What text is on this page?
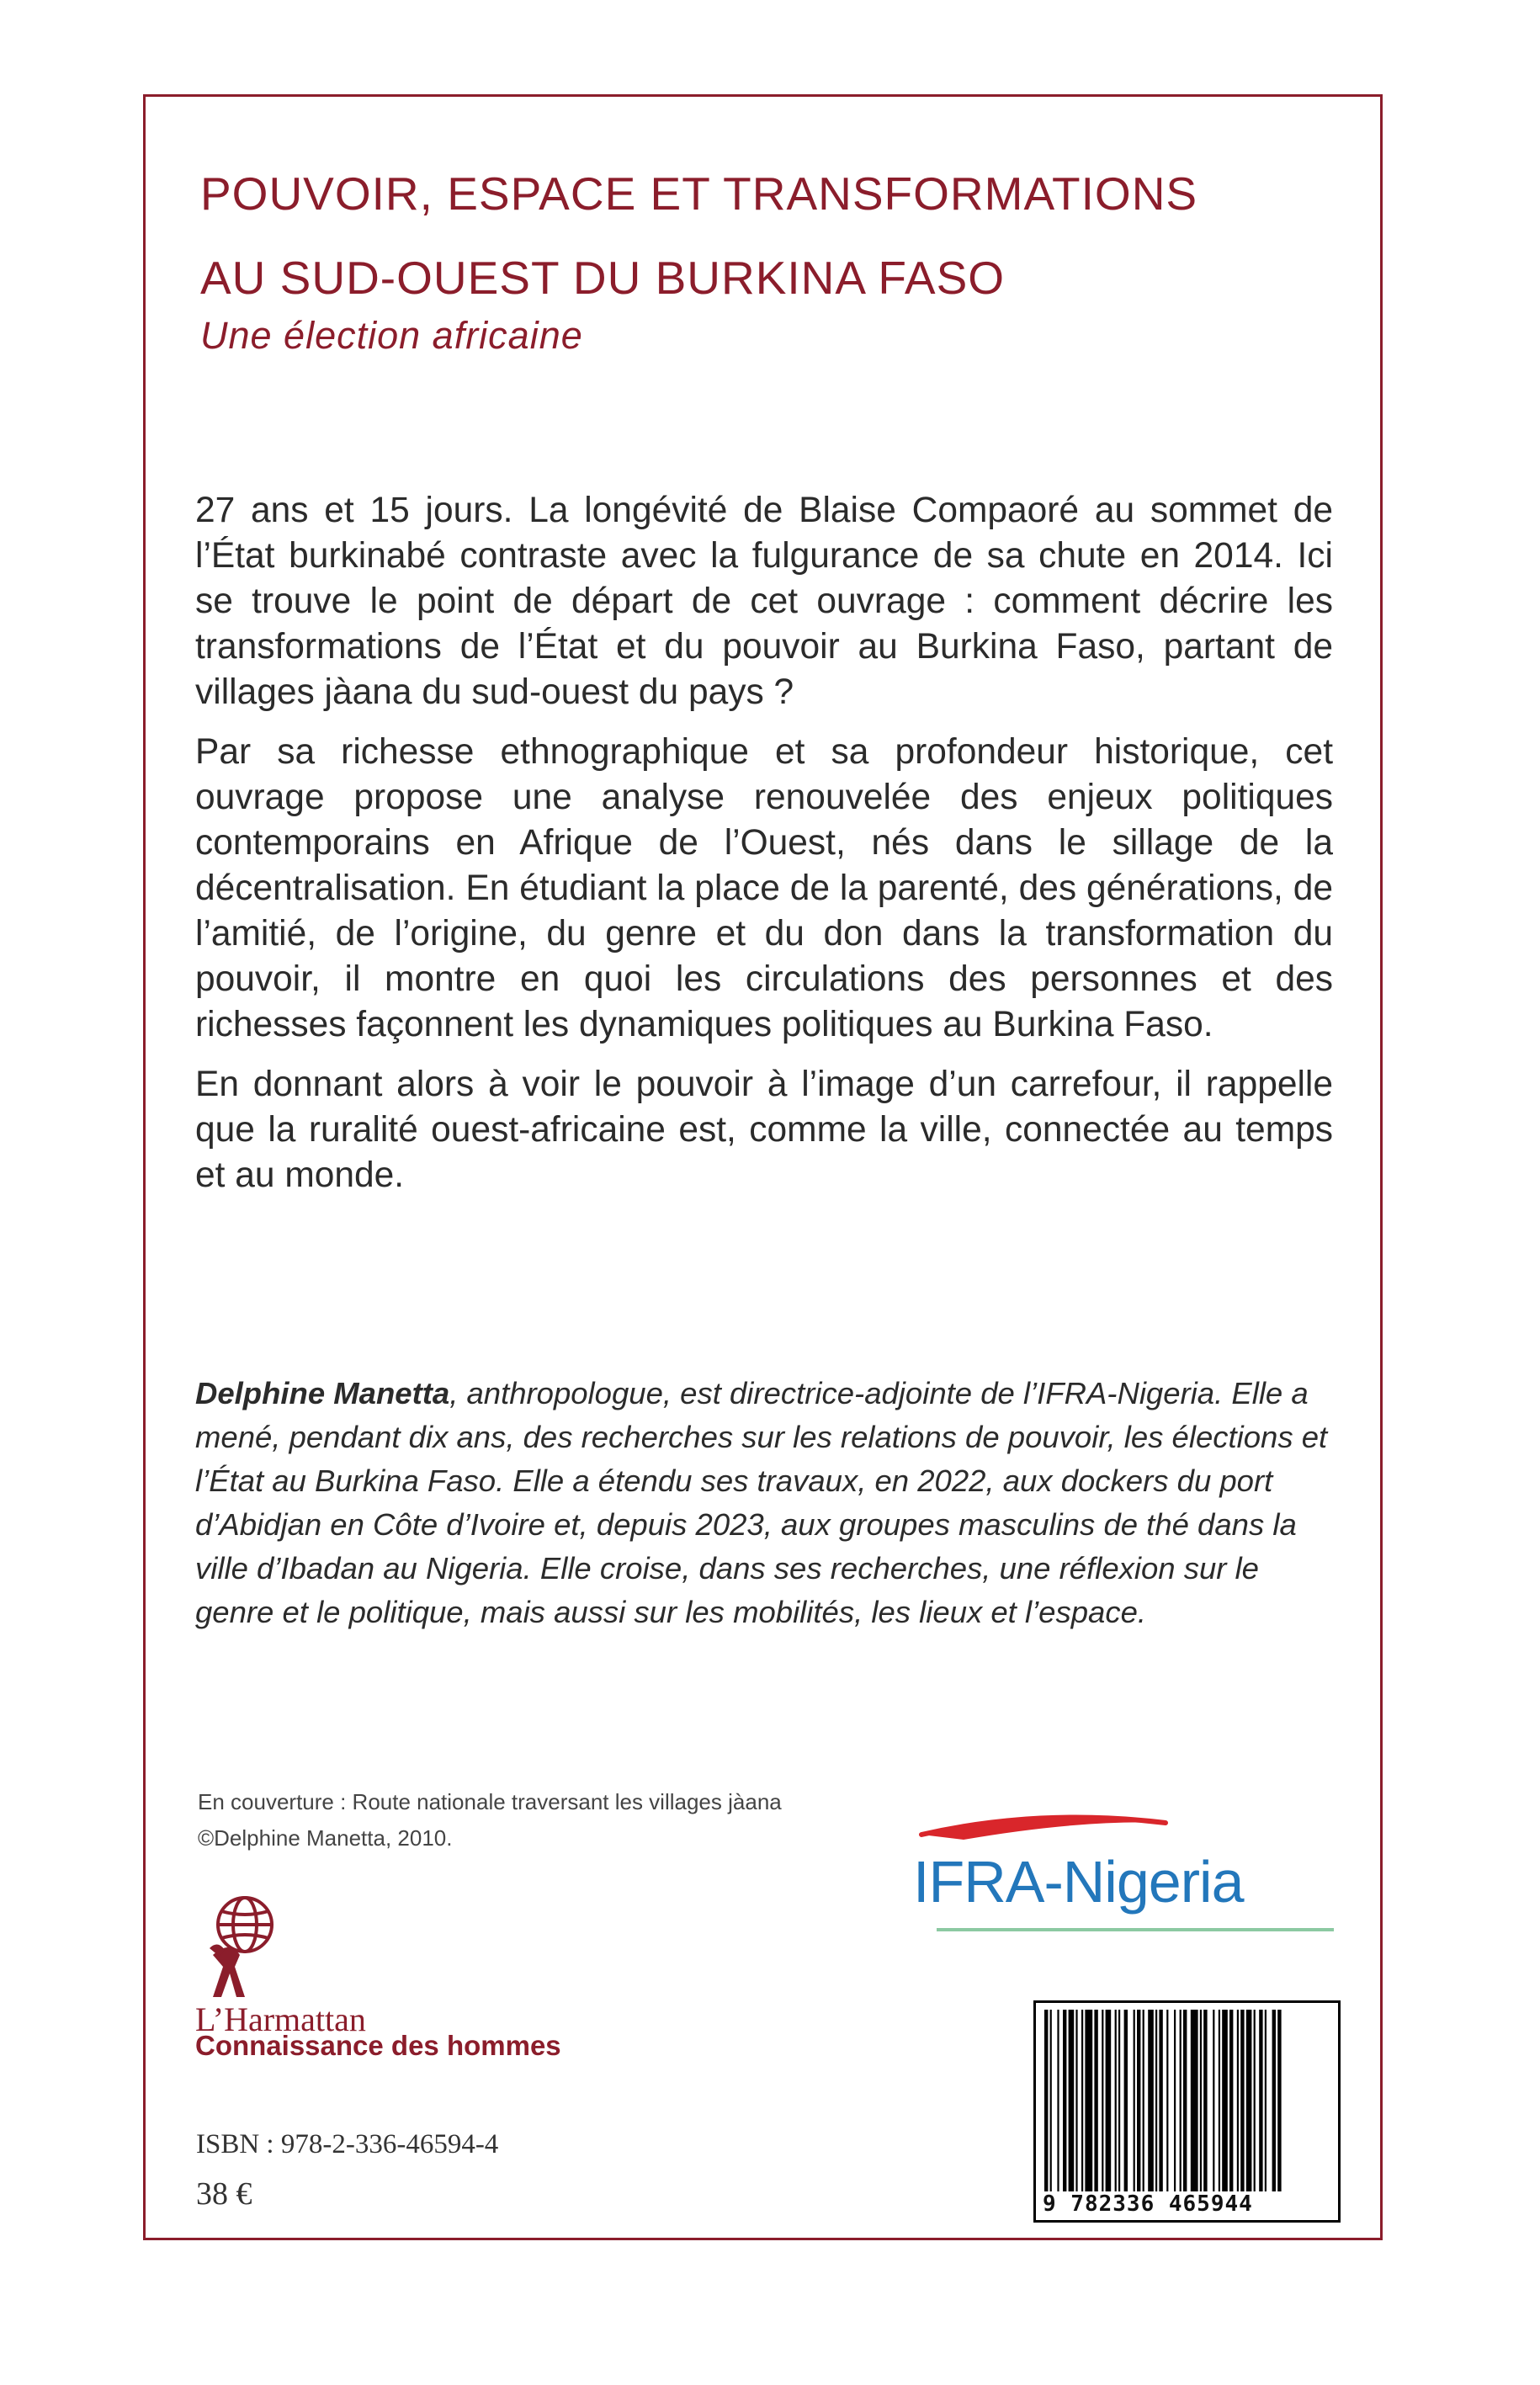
POUVOIR, ESPACE ET TRANSFORMATIONS
AU SUD-OUEST DU BURKINA FASO
Une élection africaine

27 ans et 15 jours. La longévité de Blaise Compaoré au sommet de l’État burkinabé contraste avec la fulgurance de sa chute en 2014. Ici se trouve le point de départ de cet ouvrage : comment décrire les transformations de l’État et du pouvoir au Burkina Faso, partant de villages jàana du sud-ouest du pays ?

Par sa richesse ethnographique et sa profondeur historique, cet ouvrage propose une analyse renouvelée des enjeux politiques contemporains en Afrique de l’Ouest, nés dans le sillage de la décentralisation. En étudiant la place de la parenté, des générations, de l’amitié, de l’origine, du genre et du don dans la transformation du pouvoir, il montre en quoi les circulations des personnes et des richesses façonnent les dynamiques politiques au Burkina Faso.

En donnant alors à voir le pouvoir à l’image d’un carrefour, il rappelle que la ruralité ouest-africaine est, comme la ville, connectée au temps et au monde.

Delphine Manetta, anthropologue, est directrice-adjointe de l’IFRA-Nigeria. Elle a mené, pendant dix ans, des recherches sur les relations de pouvoir, les élections et l’État au Burkina Faso. Elle a étendu ses travaux, en 2022, aux dockers du port d’Abidjan en Côte d’Ivoire et, depuis 2023, aux groupes masculins de thé dans la ville d’Ibadan au Nigeria. Elle croise, dans ses recherches, une réflexion sur le genre et le politique, mais aussi sur les mobilités, les lieux et l’espace.

En couverture : Route nationale traversant les villages jàana
©Delphine Manetta, 2010.
IFRA-Nigeria
L’Harmattan
Connaissance des hommes
ISBN : 978-2-336-46594-4
38 €	9 782336 465944
